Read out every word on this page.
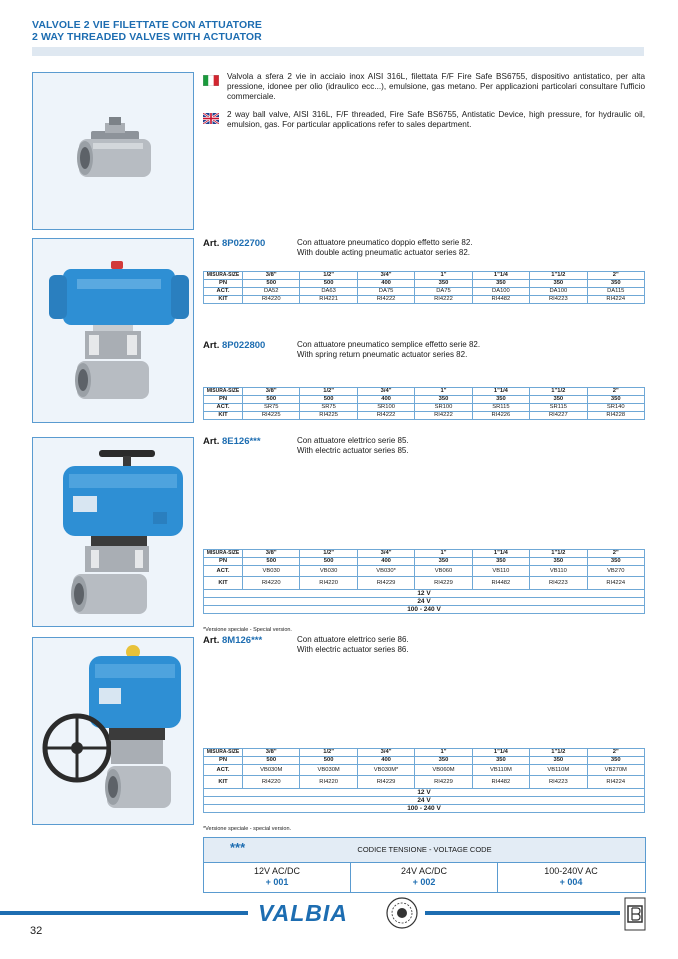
VALVOLE 2 VIE FILETTATE CON ATTUATORE
2 WAY THREADED VALVES WITH ACTUATOR
Valvola a sfera 2 vie in acciaio inox AISI 316L, filettata F/F Fire Safe BS6755, dispositivo antistatico, per alta pressione, idonee per olio (idraulico ecc...), emulsione, gas metano. Per applicazioni particolari consultare l'ufficio commerciale.
2 way ball valve, AISI 316L, F/F threaded, Fire Safe BS6755, Antistatic Device, high pressure, for hydraulic oil, emulsion, gas. For particular applications refer to sales department.
Art. 8P022700	Con attuatore pneumatico doppio effetto serie 82.
With double acting pneumatic actuator series 82.
MISURA-SIZE	3/8"	1/2"	3/4"	1"	1"1/4	1"1/2	2"
PN	500	500	400	350	350	350	350
ACT.	DA52	DA63	DA75	DA75	DA100	DA100	DA115
KIT	RI4220	RI4221	RI4222	RI4222	RI4482	RI4223	RI4224
Art. 8P022800	Con attuatore pneumatico semplice effetto serie 82.
With spring return pneumatic actuator series 82.
MISURA-SIZE	3/8"	1/2"	3/4"	1"	1"1/4	1"1/2	2"
PN	500	500	400	350	350	350	350
ACT.	SR75	SR75	SR100	SR100	SR115	SR115	SR140
KIT	RI4225	RI4225	RI4222	RI4222	RI4226	RI4227	RI4228
Art. 8E126***	Con attuatore elettrico serie 85.
With electric actuator series 85.
MISURA-SIZE	3/8"	1/2"	3/4"	1"	1"1/4	1"1/2	2"
PN	500	500	400	350	350	350	350
ACT.	VB030	VB030	VB030*	VB060	VB110	VB110	VB270
KIT	RI4220	RI4220	RI4229	RI4229	RI4482	RI4223	RI4224
12 V							
24 V							
100 - 240 V							
*Versione speciale - Special version.
Art. 8M126***	Con attuatore elettrico serie 86.
With electric actuator series 86.
MISURA-SIZE	3/8"	1/2"	3/4"	1"	1"1/4	1"1/2	2"
PN	500	500	400	350	350	350	350
ACT.	VB030M	VB030M	VB030M*	VB060M	VB110M	VB110M	VB270M
KIT	RI4220	RI4220	RI4229	RI4229	RI4482	RI4223	RI4224
12 V							
24 V							
100 - 240 V							
*Versione speciale - special version.
***	CODICE TENSIONE - VOLTAGE CODE
12V AC/DC
+ 001
24V AC/DC
+ 002
100-240V AC
+ 004
VALBIA
32
